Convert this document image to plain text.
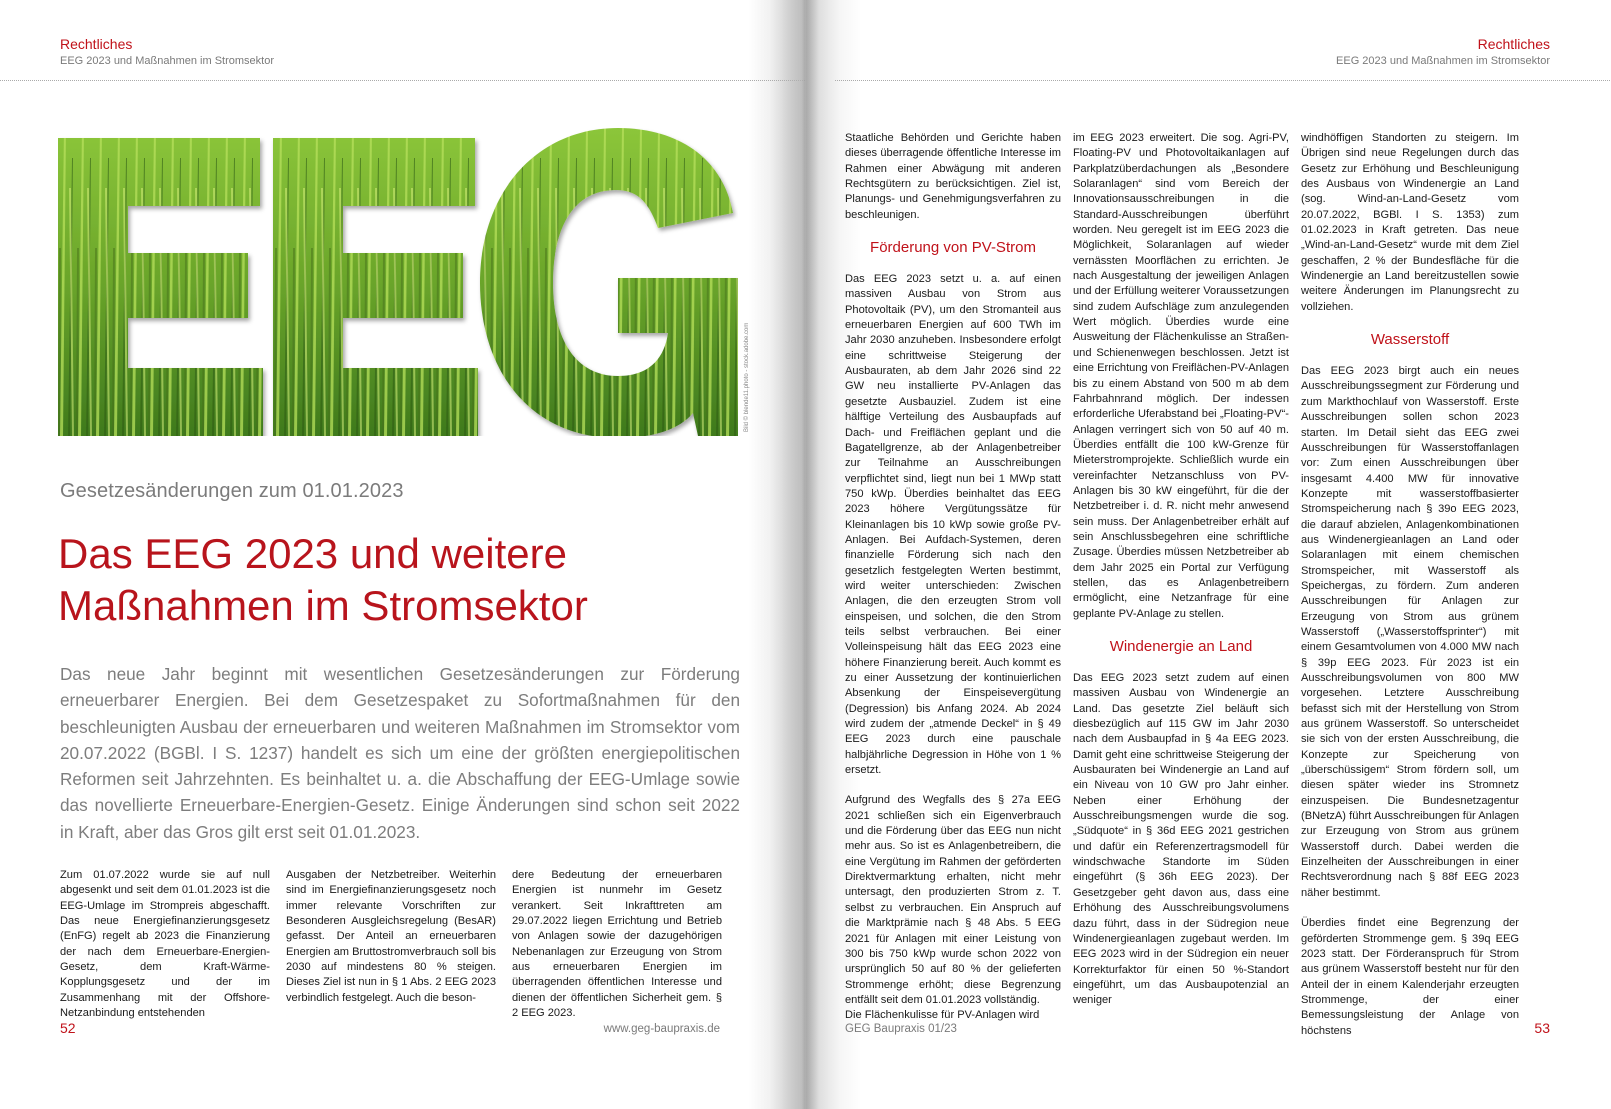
Rechtliches
EEG 2023 und Maßnahmen im Stromsektor
Bild © blende11.photo - stock.adobe.com
Gesetzesänderungen zum 01.01.2023
Das EEG 2023 und weitere
Maßnahmen im Stromsektor

Das neue Jahr beginnt mit wesentlichen Gesetzesänderungen zur Förderung erneuerbarer Energien. Bei dem Gesetzespaket zu Sofortmaßnahmen für den beschleunigten Ausbau der erneuerbaren und weiteren Maßnahmen im Stromsektor vom 20.07.2022 (BGBl. I S. 1237) handelt es sich um eine der größten energiepolitischen Reformen seit Jahrzehnten. Es beinhaltet u. a. die Abschaffung der EEG-Umlage sowie das novellierte Erneuerbare-Energien-Gesetz. Einige Änderungen sind schon seit 2022 in Kraft, aber das Gros gilt erst seit 01.01.2023.

Zum 01.07.2022 wurde sie auf null abgesenkt und seit dem 01.01.2023 ist die EEG-Umlage im Strompreis abgeschafft. Das neue Energiefinanzierungsgesetz (EnFG) regelt ab 2023 die Finanzierung der nach dem Erneuerbare-Energien-Gesetz, dem Kraft-Wärme-Kopplungsgesetz und der im Zusammenhang mit der Offshore-Netzanbindung entstehenden

Ausgaben der Netzbetreiber. Weiterhin sind im Energiefinanzierungsgesetz noch immer relevante Vorschriften zur Besonderen Ausgleichsregelung (BesAR) gefasst. Der Anteil an erneuerbaren Energien am Bruttostromverbrauch soll bis 2030 auf mindestens 80 % steigen. Dieses Ziel ist nun in § 1 Abs. 2 EEG 2023 verbindlich festgelegt. Auch die beson-

dere Bedeutung der erneuerbaren Energien ist nunmehr im Gesetz verankert. Seit Inkrafttreten am 29.07.2022 liegen Errichtung und Betrieb von Anlagen sowie der dazugehörigen Nebenanlagen zur Erzeugung von Strom aus erneuerbaren Energien im überragenden öffentlichen Interesse und dienen der öffentlichen Sicherheit gem. § 2 EEG 2023.

52	www.geg-baupraxis.de
Rechtliches
EEG 2023 und Maßnahmen im Stromsektor

Staatliche Behörden und Gerichte haben dieses überragende öffentliche Interesse im Rahmen einer Abwägung mit anderen Rechtsgütern zu berücksichtigen. Ziel ist, Planungs- und Genehmigungsverfahren zu beschleunigen.

Förderung von PV-Strom

Das EEG 2023 setzt u. a. auf einen massiven Ausbau von Strom aus Photovoltaik (PV), um den Stromanteil aus erneuerbaren Energien auf 600 TWh im Jahr 2030 anzuheben. Insbesondere erfolgt eine schrittweise Steigerung der Ausbauraten, ab dem Jahr 2026 sind 22 GW neu installierte PV-Anlagen das gesetzte Ausbauziel. Zudem ist eine hälftige Verteilung des Ausbaupfads auf Dach- und Freiflächen geplant und die Bagatellgrenze, ab der Anlagenbetreiber zur Teilnahme an Ausschreibungen verpflichtet sind, liegt nun bei 1 MWp statt 750 kWp. Überdies beinhaltet das EEG 2023 höhere Vergütungssätze für Kleinanlagen bis 10 kWp sowie große PV-Anlagen. Bei Aufdach-Systemen, deren finanzielle Förderung sich nach den gesetzlich festgelegten Werten bestimmt, wird weiter unterschieden: Zwischen Anlagen, die den erzeugten Strom voll einspeisen, und solchen, die den Strom teils selbst verbrauchen. Bei einer Volleinspeisung hält das EEG 2023 eine höhere Finanzierung bereit. Auch kommt es zu einer Aussetzung der kontinuierlichen Absenkung der Einspeisevergütung (Degression) bis Anfang 2024. Ab 2024 wird zudem der „atmende Deckel“ in § 49 EEG 2023 durch eine pauschale halbjährliche Degression in Höhe von 1 % ersetzt.

Aufgrund des Wegfalls des § 27a EEG 2021 schließen sich ein Eigenverbrauch und die Förderung über das EEG nun nicht mehr aus. So ist es Anlagenbetreibern, die eine Vergütung im Rahmen der geförderten Direktvermarktung erhalten, nicht mehr untersagt, den produzierten Strom z. T. selbst zu verbrauchen. Ein Anspruch auf die Marktprämie nach § 48 Abs. 5 EEG 2021 für Anlagen mit einer Leistung von 300 bis 750 kWp wurde schon 2022 von ursprünglich 50 auf 80 % der gelieferten Strommenge erhöht; diese Begrenzung entfällt seit dem 01.01.2023 vollständig.

Die Flächenkulisse für PV-Anlagen wird

im EEG 2023 erweitert. Die sog. Agri-PV, Floating-PV und Photovoltaikanlagen auf Parkplatzüberdachungen als „Besondere Solaranlagen“ sind vom Bereich der Innovationsausschreibungen in die Standard-Ausschreibungen überführt worden. Neu geregelt ist im EEG 2023 die Möglichkeit, Solaranlagen auf wieder vernässten Moorflächen zu errichten. Je nach Ausgestaltung der jeweiligen Anlagen und der Erfüllung weiterer Voraussetzungen sind zudem Aufschläge zum anzulegenden Wert möglich. Überdies wurde eine Ausweitung der Flächenkulisse an Straßen- und Schienenwegen beschlossen. Jetzt ist eine Errichtung von Freiflächen-PV-Anlagen bis zu einem Abstand von 500 m ab dem Fahrbahnrand möglich. Der indessen erforderliche Uferabstand bei „Floating-PV“-Anlagen verringert sich von 50 auf 40 m. Überdies entfällt die 100 kW-Grenze für Mieterstromprojekte. Schließlich wurde ein vereinfachter Netzanschluss von PV-Anlagen bis 30 kW eingeführt, für die der Netzbetreiber i. d. R. nicht mehr anwesend sein muss. Der Anlagenbetreiber erhält auf sein Anschlussbegehren eine schriftliche Zusage. Überdies müssen Netzbetreiber ab dem Jahr 2025 ein Portal zur Verfügung stellen, das es Anlagenbetreibern ermöglicht, eine Netzanfrage für eine geplante PV-Anlage zu stellen.

Windenergie an Land

Das EEG 2023 setzt zudem auf einen massiven Ausbau von Windenergie an Land. Das gesetzte Ziel beläuft sich diesbezüglich auf 115 GW im Jahr 2030 nach dem Ausbaupfad in § 4a EEG 2023. Damit geht eine schrittweise Steigerung der Ausbauraten bei Windenergie an Land auf ein Niveau von 10 GW pro Jahr einher. Neben einer Erhöhung der Ausschreibungsmengen wurde die sog. „Südquote“ in § 36d EEG 2021 gestrichen und dafür ein Referenzertragsmodell für windschwache Standorte im Süden eingeführt (§ 36h EEG 2023). Der Gesetzgeber geht davon aus, dass eine Erhöhung des Ausschreibungsvolumens dazu führt, dass in der Südregion neue Windenergieanlagen zugebaut werden. Im EEG 2023 wird in der Südregion ein neuer Korrekturfaktor für einen 50 %-Standort eingeführt, um das Ausbaupotenzial an weniger

windhöffigen Standorten zu steigern. Im Übrigen sind neue Regelungen durch das Gesetz zur Erhöhung und Beschleunigung des Ausbaus von Windenergie an Land (sog. Wind-an-Land-Gesetz vom 20.07.2022, BGBl. I S. 1353) zum 01.02.2023 in Kraft getreten. Das neue „Wind-an-Land-Gesetz“ wurde mit dem Ziel geschaffen, 2 % der Bundesfläche für die Windenergie an Land bereitzustellen sowie weitere Änderungen im Planungsrecht zu vollziehen.

Wasserstoff

Das EEG 2023 birgt auch ein neues Ausschreibungssegment zur Förderung und zum Markthochlauf von Wasserstoff. Erste Ausschreibungen sollen schon 2023 starten. Im Detail sieht das EEG zwei Ausschreibungen für Wasserstoffanlagen vor: Zum einen Ausschreibungen über insgesamt 4.400 MW für innovative Konzepte mit wasserstoffbasierter Stromspeicherung nach § 39o EEG 2023, die darauf abzielen, Anlagenkombinationen aus Windenergieanlagen an Land oder Solaranlagen mit einem chemischen Stromspeicher, mit Wasserstoff als Speichergas, zu fördern. Zum anderen Ausschreibungen für Anlagen zur Erzeugung von Strom aus grünem Wasserstoff („Wasserstoffsprinter“) mit einem Gesamtvolumen von 4.000 MW nach § 39p EEG 2023. Für 2023 ist ein Ausschreibungsvolumen von 800 MW vorgesehen. Letztere Ausschreibung befasst sich mit der Herstellung von Strom aus grünem Wasserstoff. So unterscheidet sie sich von der ersten Ausschreibung, die Konzepte zur Speicherung von „überschüssigem“ Strom fördern soll, um diesen später wieder ins Stromnetz einzuspeisen. Die Bundesnetzagentur (BNetzA) führt Ausschreibungen für Anlagen zur Erzeugung von Strom aus grünem Wasserstoff durch. Dabei werden die Einzelheiten der Ausschreibungen in einer Rechtsverordnung nach § 88f EEG 2023 näher bestimmt.

Überdies findet eine Begrenzung der geförderten Strommenge gem. § 39q EEG 2023 statt. Der Förderanspruch für Strom aus grünem Wasserstoff besteht nur für den Anteil der in einem Kalenderjahr erzeugten Strommenge, der einer Bemessungsleistung der Anlage von höchstens

GEG Baupraxis 01/23	53
